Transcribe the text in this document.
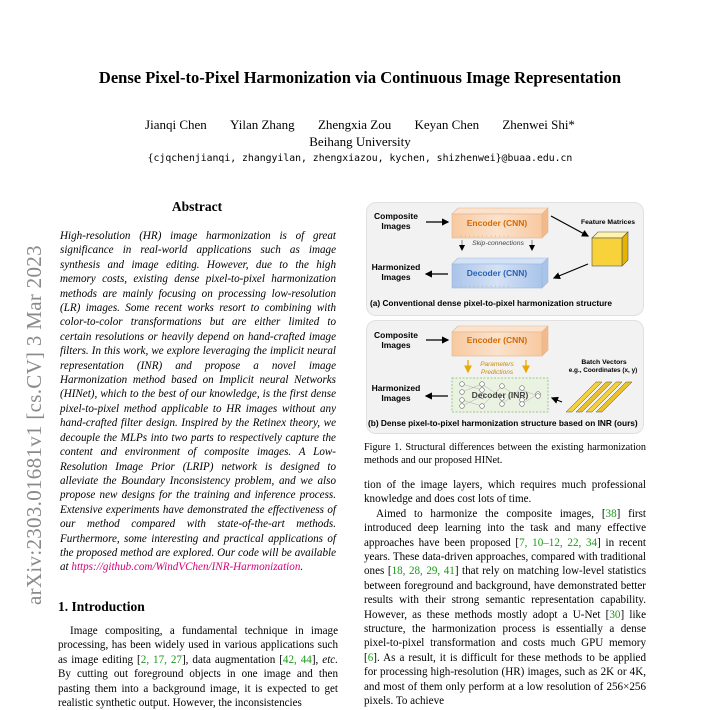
Dense Pixel-to-Pixel Harmonization via Continuous Image Representation
Jianqi Chen Yilan Zhang Zhengxia Zou Keyan Chen Zhenwei Shi*
Beihang University
{cjqchenjianqi, zhangyilan, zhengxiazou, kychen, shizhenwei}@buaa.edu.cn
arXiv:2303.01681v1 [cs.CV] 3 Mar 2023
Abstract
High-resolution (HR) image harmonization is of great significance in real-world applications such as image synthesis and image editing. However, due to the high memory costs, existing dense pixel-to-pixel harmonization methods are mainly focusing on processing low-resolution (LR) images. Some recent works resort to combining with color-to-color transformations but are either limited to certain resolutions or heavily depend on hand-crafted image filters. In this work, we explore leveraging the implicit neural representation (INR) and propose a novel image Harmonization method based on Implicit neural Networks (HINet), which to the best of our knowledge, is the first dense pixel-to-pixel method applicable to HR images without any hand-crafted filter design. Inspired by the Retinex theory, we decouple the MLPs into two parts to respectively capture the content and environment of composite images. A Low-Resolution Image Prior (LRIP) network is designed to alleviate the Boundary Inconsistency problem, and we also propose new designs for the training and inference process. Extensive experiments have demonstrated the effectiveness of our method compared with state-of-the-art methods. Furthermore, some interesting and practical applications of the proposed method are explored. Our code will be available at https://github.com/WindVChen/INR-Harmonization.
1. Introduction
Image compositing, a fundamental technique in image processing, has been widely used in various applications such as image editing [2, 17, 27], data augmentation [42, 44], etc. By cutting out foreground objects in one image and then pasting them into a background image, it is expected to get realistic synthetic output. However, the inconsistencies
Composite Images
Harmonized Images
· · · · · · · · · · · ·
· · · · · · · · · · · ·
Encoder (CNN)
Decoder (CNN)
Skip-connections
Feature Matrices
(a) Conventional dense pixel-to-pixel harmonization structure
Composite Images
Harmonized Images
Encoder (CNN)
Parameters Predictions
Decoder (INR)
Batch Vectors
e.g., Coordinates (x, y)
(b) Dense pixel-to-pixel harmonization structure based on INR (ours)
Figure 1. Structural differences between the existing harmonization methods and our proposed HINet.

tion of the image layers, which requires much professional knowledge and does cost lots of time.

Aimed to harmonize the composite images, [38] first introduced deep learning into the task and many effective approaches have been proposed [7, 10–12, 22, 34] in recent years. These data-driven approaches, compared with traditional ones [18, 28, 29, 41] that rely on matching low-level statistics between foreground and background, have demonstrated better results with their strong semantic representation capability. However, as these methods mostly adopt a U-Net [30] like structure, the harmonization process is essentially a dense pixel-to-pixel transformation and costs much GPU memory [6]. As a result, it is difficult for these methods to be applied for processing high-resolution (HR) images, such as 2K or 4K, and most of them only perform at a low resolution of 256×256 pixels. To achieve
